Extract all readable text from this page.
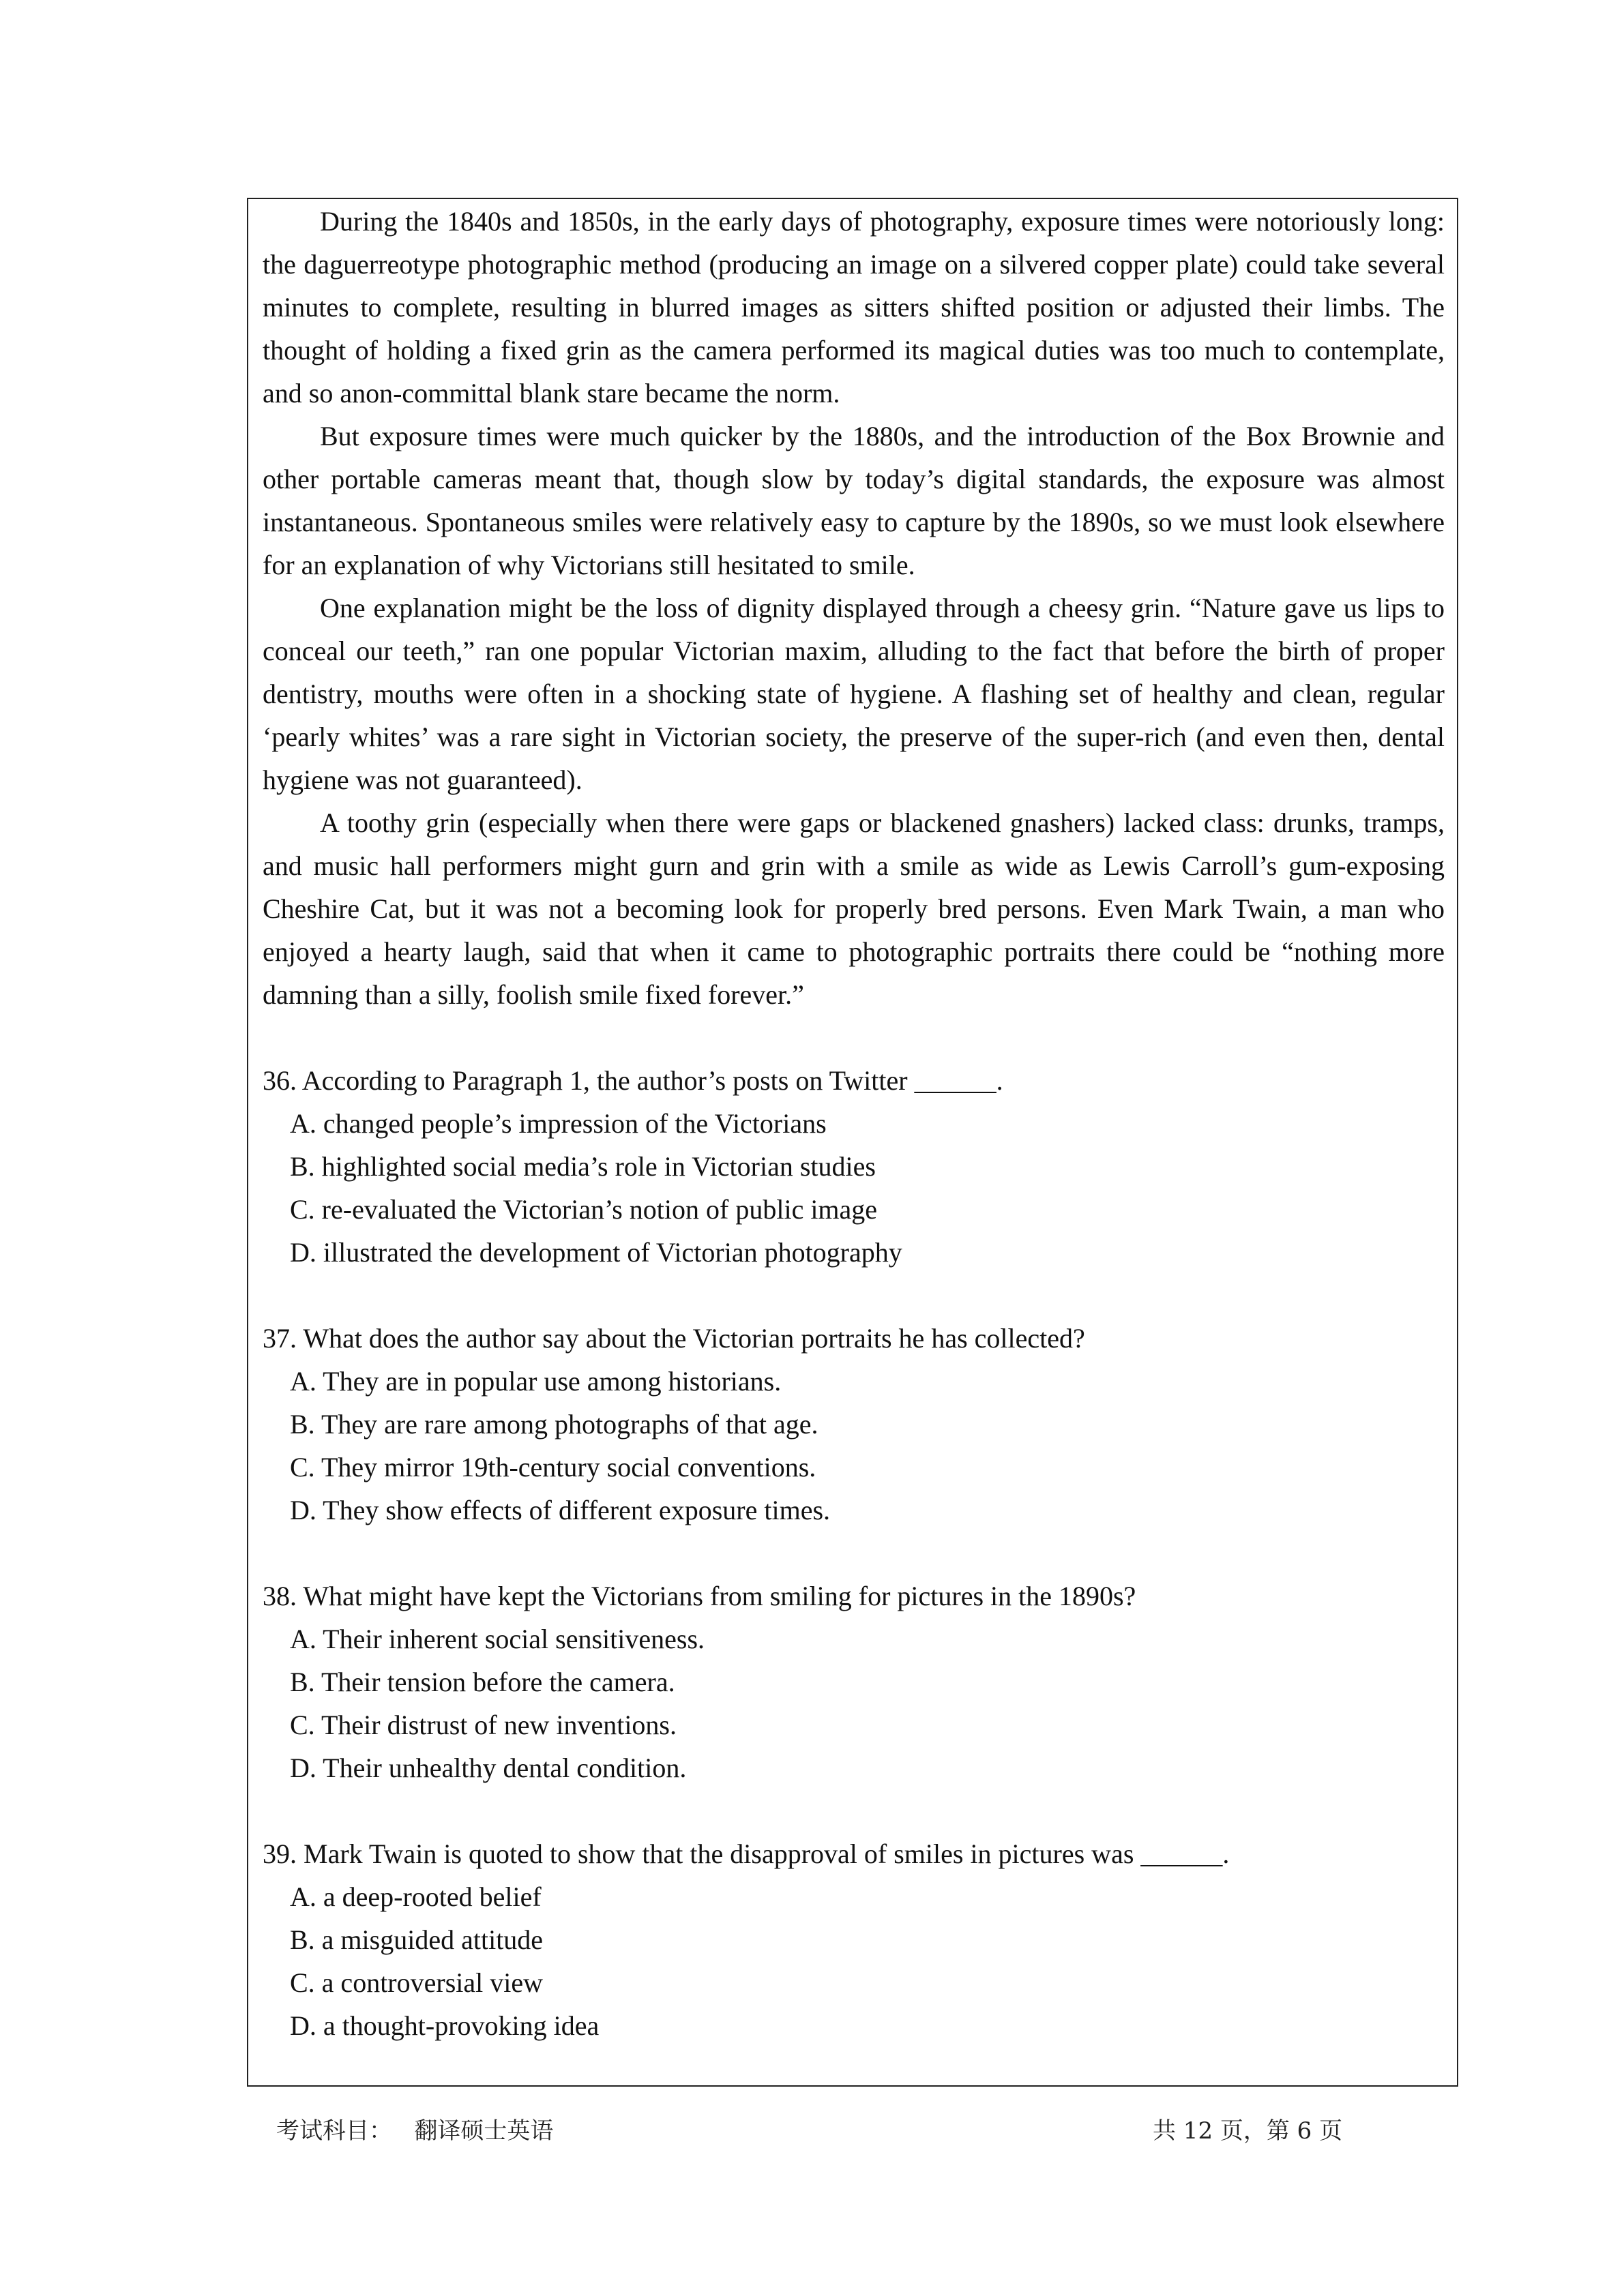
During the 1840s and 1850s, in the early days of photography, exposure times were notoriously long: the daguerreotype photographic method (producing an image on a silvered copper plate) could take several minutes to complete, resulting in blurred images as sitters shifted position or adjusted their limbs. The thought of holding a fixed grin as the camera performed its magical duties was too much to contemplate, and so anon-committal blank stare became the norm.

But exposure times were much quicker by the 1880s, and the introduction of the Box Brownie and other portable cameras meant that, though slow by today’s digital standards, the exposure was almost instantaneous. Spontaneous smiles were relatively easy to capture by the 1890s, so we must look elsewhere for an explanation of why Victorians still hesitated to smile.

One explanation might be the loss of dignity displayed through a cheesy grin. “Nature gave us lips to conceal our teeth,” ran one popular Victorian maxim, alluding to the fact that before the birth of proper dentistry, mouths were often in a shocking state of hygiene. A flashing set of healthy and clean, regular ‘pearly whites’ was a rare sight in Victorian society, the preserve of the super-rich (and even then, dental hygiene was not guaranteed).

A toothy grin (especially when there were gaps or blackened gnashers) lacked class: drunks, tramps, and music hall performers might gurn and grin with a smile as wide as Lewis Carroll’s gum-exposing Cheshire Cat, but it was not a becoming look for properly bred persons. Even Mark Twain, a man who enjoyed a hearty laugh, said that when it came to photographic portraits there could be “nothing more damning than a silly, foolish smile fixed forever.”

36. According to Paragraph 1, the author’s posts on Twitter ______.

A. changed people’s impression of the Victorians

B. highlighted social media’s role in Victorian studies

C. re-evaluated the Victorian’s notion of public image

D. illustrated the development of Victorian photography

37. What does the author say about the Victorian portraits he has collected?

A. They are in popular use among historians.

B. They are rare among photographs of that age.

C. They mirror 19th-century social conventions.

D. They show effects of different exposure times.

38. What might have kept the Victorians from smiling for pictures in the 1890s?

A. Their inherent social sensitiveness.

B. Their tension before the camera.

C. Their distrust of new inventions.

D. Their unhealthy dental condition.

39. Mark Twain is quoted to show that the disapproval of smiles in pictures was ______.

A. a deep-rooted belief

B. a misguided attitude

C. a controversial view

D. a thought-provoking idea

考试科目：   翻译硕士英语	共 12 页，第 6 页
